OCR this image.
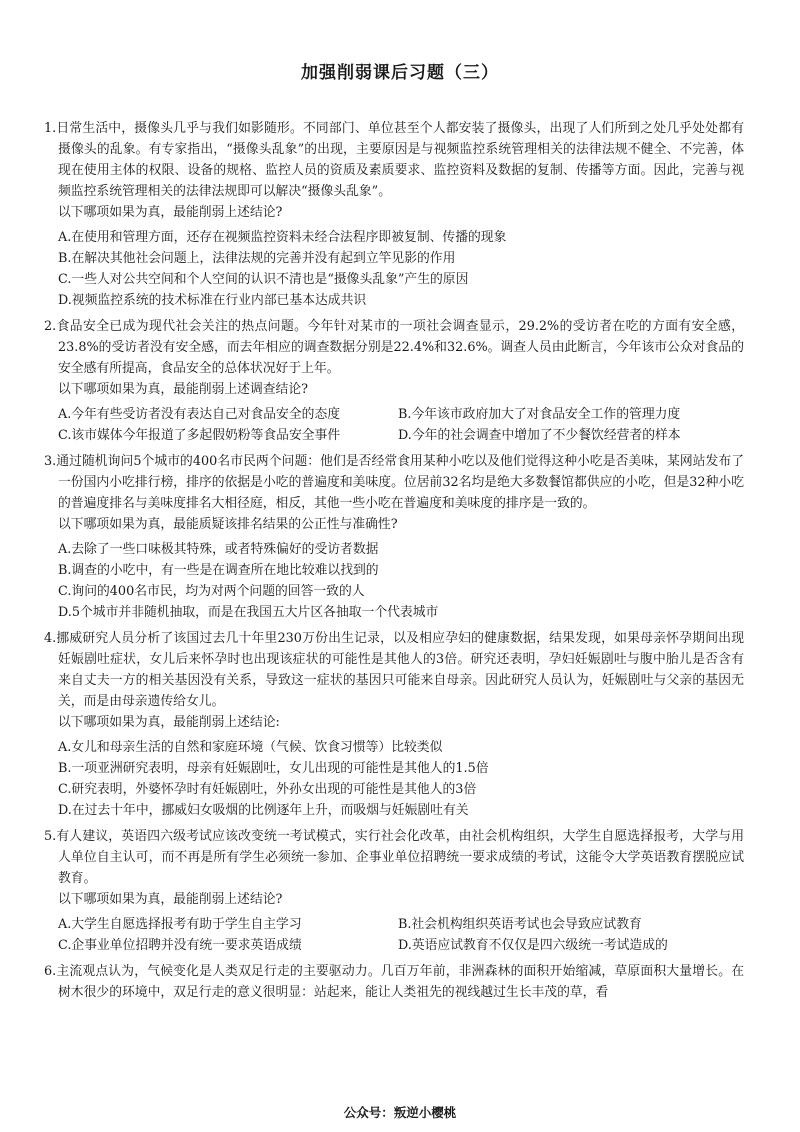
加强削弱课后习题（三）

1.日常生活中，摄像头几乎与我们如影随形。不同部门、单位甚至个人都安装了摄像头，出现了人们所到之处几乎处处都有摄像头的乱象。有专家指出，“摄像头乱象”的出现，主要原因是与视频监控系统管理相关的法律法规不健全、不完善，体现在使用主体的权限、设备的规格、监控人员的资质及素质要求、监控资料及数据的复制、传播等方面。因此，完善与视频监控系统管理相关的法律法规即可以解决“摄像头乱象”。

以下哪项如果为真，最能削弱上述结论?

A.在使用和管理方面，还存在视频监控资料未经合法程序即被复制、传播的现象
B.在解决其他社会问题上，法律法规的完善并没有起到立竿见影的作用
C.一些人对公共空间和个人空间的认识不清也是“摄像头乱象”产生的原因
D.视频监控系统的技术标准在行业内部已基本达成共识

2.食品安全已成为现代社会关注的热点问题。今年针对某市的一项社会调查显示，29.2%的受访者在吃的方面有安全感，23.8%的受访者没有安全感，而去年相应的调查数据分别是22.4%和32.6%。调查人员由此断言，今年该市公众对食品的安全感有所提高，食品安全的总体状况好于上年。

以下哪项如果为真，最能削弱上述调查结论?

A.今年有些受访者没有表达自己对食品安全的态度	B.今年该市政府加大了对食品安全工作的管理力度
C.该市媒体今年报道了多起假奶粉等食品安全事件	D.今年的社会调查中增加了不少餐饮经营者的样本

3.通过随机询问5个城市的400名市民两个问题：他们是否经常食用某种小吃以及他们觉得这种小吃是否美味，某网站发布了一份国内小吃排行榜，排序的依据是小吃的普遍度和美味度。位居前32名均是绝大多数餐馆都供应的小吃，但是32种小吃的普遍度排名与美味度排名大相径庭，相反，其他一些小吃在普遍度和美味度的排序是一致的。

以下哪项如果为真，最能质疑该排名结果的公正性与准确性?

A.去除了一些口味极其特殊，或者特殊偏好的受访者数据
B.调查的小吃中，有一些是在调查所在地比较难以找到的
C.询问的400名市民，均为对两个问题的回答一致的人
D.5个城市并非随机抽取，而是在我国五大片区各抽取一个代表城市

4.挪威研究人员分析了该国过去几十年里230万份出生记录，以及相应孕妇的健康数据，结果发现，如果母亲怀孕期间出现妊娠剧吐症状，女儿后来怀孕时也出现该症状的可能性是其他人的3倍。研究还表明，孕妇妊娠剧吐与腹中胎儿是否含有来自丈夫一方的相关基因没有关系，导致这一症状的基因只可能来自母亲。因此研究人员认为，妊娠剧吐与父亲的基因无关，而是由母亲遗传给女儿。

以下哪项如果为真，最能削弱上述结论:

A.女儿和母亲生活的自然和家庭环境（气候、饮食习惯等）比较类似
B.一项亚洲研究表明，母亲有妊娠剧吐，女儿出现的可能性是其他人的1.5倍
C.研究表明，外婆怀孕时有妊娠剧吐，外孙女出现的可能性是其他人的3倍
D.在过去十年中，挪威妇女吸烟的比例逐年上升，而吸烟与妊娠剧吐有关

5.有人建议，英语四六级考试应该改变统一考试模式，实行社会化改革，由社会机构组织，大学生自愿选择报考，大学与用人单位自主认可，而不再是所有学生必须统一参加、企事业单位招聘统一要求成绩的考试，这能令大学英语教育摆脱应试教育。

以下哪项如果为真，最能削弱上述结论?

A.大学生自愿选择报考有助于学生自主学习	B.社会机构组织英语考试也会导致应试教育
C.企事业单位招聘并没有统一要求英语成绩	D.英语应试教育不仅仅是四六级统一考试造成的

6.主流观点认为，气候变化是人类双足行走的主要驱动力。几百万年前，非洲森林的面积开始缩减，草原面积大量增长。在树木很少的环境中，双足行走的意义很明显：站起来，能让人类祖先的视线越过生长丰茂的草，看

公众号：叛逆小樱桃
